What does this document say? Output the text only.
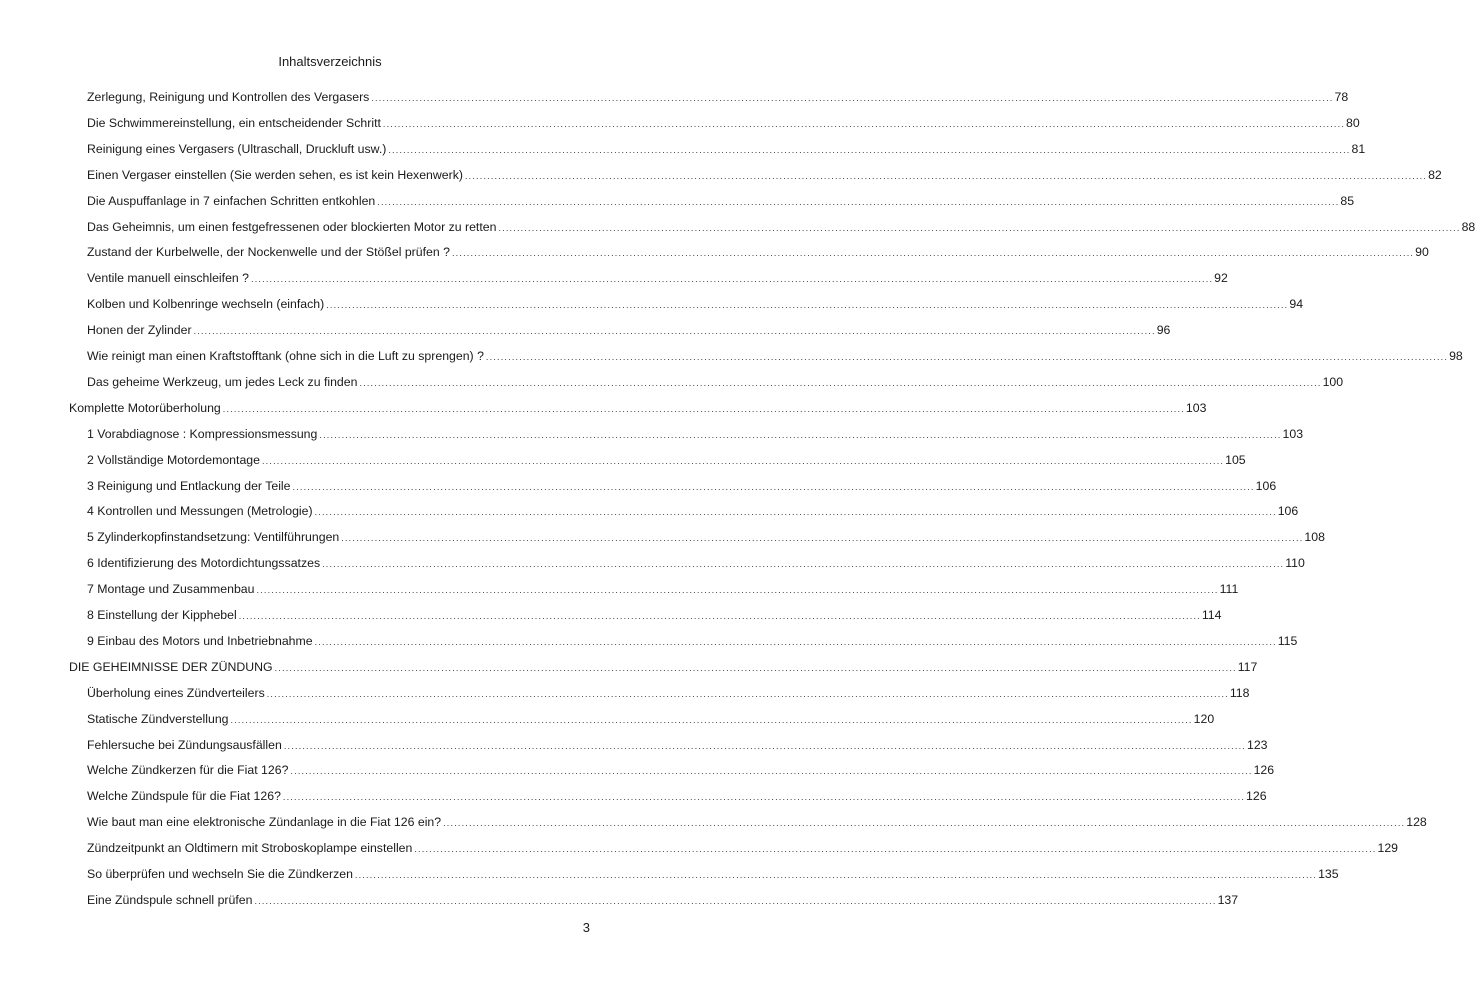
Inhaltsverzeichnis
Zerlegung, Reinigung und Kontrollen des Vergasers .....	78
Die Schwimmereinstellung, ein entscheidender Schritt .....	80
Reinigung eines Vergasers (Ultraschall, Druckluft usw.) .....	81
Einen Vergaser einstellen (Sie werden sehen, es ist kein Hexenwerk) .....	82
Die Auspuffanlage in 7 einfachen Schritten entkohlen .....	85
Das Geheimnis, um einen festgefressenen oder blockierten Motor zu retten .....	88
Zustand der Kurbelwelle, der Nockenwelle und der Stößel prüfen ? .....	90
Ventile manuell einschleifen ? .....	92
Kolben und Kolbenringe wechseln (einfach) .....	94
Honen der Zylinder .....	96
Wie reinigt man einen Kraftstofftank (ohne sich in die Luft zu sprengen) ? .....	98
Das geheime Werkzeug, um jedes Leck zu finden .....	100
Komplette Motorüberholung .....	103
1 Vorabdiagnose : Kompressionsmessung .....	103
2 Vollständige Motordemontage .....	105
3 Reinigung und Entlackung der Teile .....	106
4 Kontrollen und Messungen (Metrologie) .....	106
5 Zylinderkopfinstandsetzung: Ventilführungen .....	108
6 Identifizierung des Motordichtungssatzes .....	110
7 Montage und Zusammenbau .....	111
8 Einstellung der Kipphebel .....	114
9 Einbau des Motors und Inbetriebnahme .....	115
DIE GEHEIMNISSE DER ZÜNDUNG .....	117
Überholung eines Zündverteilers .....	118
Statische Zündverstellung .....	120
Fehlersuche bei Zündungsausfällen .....	123
Welche Zündkerzen für die Fiat 126? .....	126
Welche Zündspule für die Fiat 126? .....	126
Wie baut man eine elektronische Zündanlage in die Fiat 126 ein? .....	128
Zündzeitpunkt an Oldtimern mit Stroboskoplampe einstellen .....	129
So überprüfen und wechseln Sie die Zündkerzen .....	135
Eine Zündspule schnell prüfen .....	137
3
